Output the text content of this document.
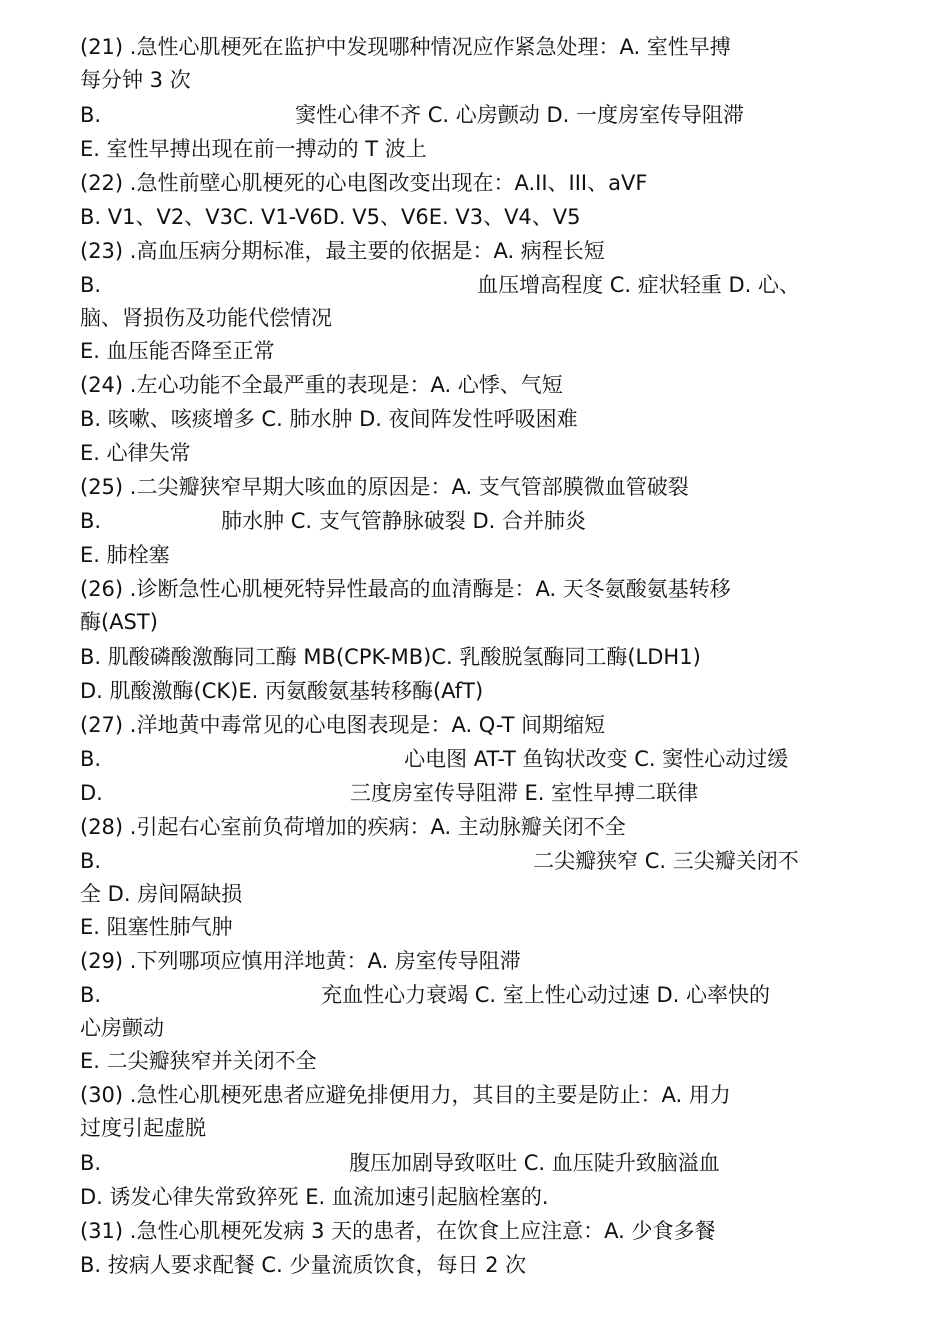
(21) .急性心肌梗死在监护中发现哪种情况应作紧急处理：A. 室性早搏
每分钟 3 次
B.	窦性心律不齐 C. 心房颤动 D. 一度房室传导阻滞
E. 室性早搏出现在前一搏动的 T 波上
(22) .急性前壁心肌梗死的心电图改变出现在：A.II、III、aVF
B. V1、V2、V3C. V1-V6D. V5、V6E. V3、V4、V5
(23) .高血压病分期标准，最主要的依据是：A. 病程长短
B.	血压增高程度 C. 症状轻重 D. 心、
脑、肾损伤及功能代偿情况
E. 血压能否降至正常
(24) .左心功能不全最严重的表现是：A. 心悸、气短
B. 咳嗽、咳痰增多 C. 肺水肿 D. 夜间阵发性呼吸困难
E. 心律失常
(25) .二尖瓣狭窄早期大咳血的原因是：A. 支气管部膜微血管破裂
B.	肺水肿 C. 支气管静脉破裂 D. 合并肺炎
E. 肺栓塞
(26) .诊断急性心肌梗死特异性最高的血清酶是：A. 天冬氨酸氨基转移
酶(AST)
B. 肌酸磷酸激酶同工酶 MB(CPK-MB)C. 乳酸脱氢酶同工酶(LDH1)
D. 肌酸激酶(CK)E. 丙氨酸氨基转移酶(AfT)
(27) .洋地黄中毒常见的心电图表现是：A. Q-T 间期缩短
B.	心电图 AT-T 鱼钩状改变 C. 窦性心动过缓
D.	三度房室传导阻滞 E. 室性早搏二联律
(28) .引起右心室前负荷增加的疾病：A. 主动脉瓣关闭不全
B.	二尖瓣狭窄 C. 三尖瓣关闭不
全 D. 房间隔缺损
E. 阻塞性肺气肿
(29) .下列哪项应慎用洋地黄：A. 房室传导阻滞
B.	充血性心力衰竭 C. 室上性心动过速 D. 心率快的
心房颤动
E. 二尖瓣狭窄并关闭不全
(30) .急性心肌梗死患者应避免排便用力，其目的主要是防止：A. 用力
过度引起虚脱
B.	腹压加剧导致呕吐 C. 血压陡升致脑溢血
D. 诱发心律失常致猝死 E. 血流加速引起脑栓塞的.
(31) .急性心肌梗死发病 3 天的患者，在饮食上应注意：A. 少食多餐
B. 按病人要求配餐 C. 少量流质饮食，每日 2 次
